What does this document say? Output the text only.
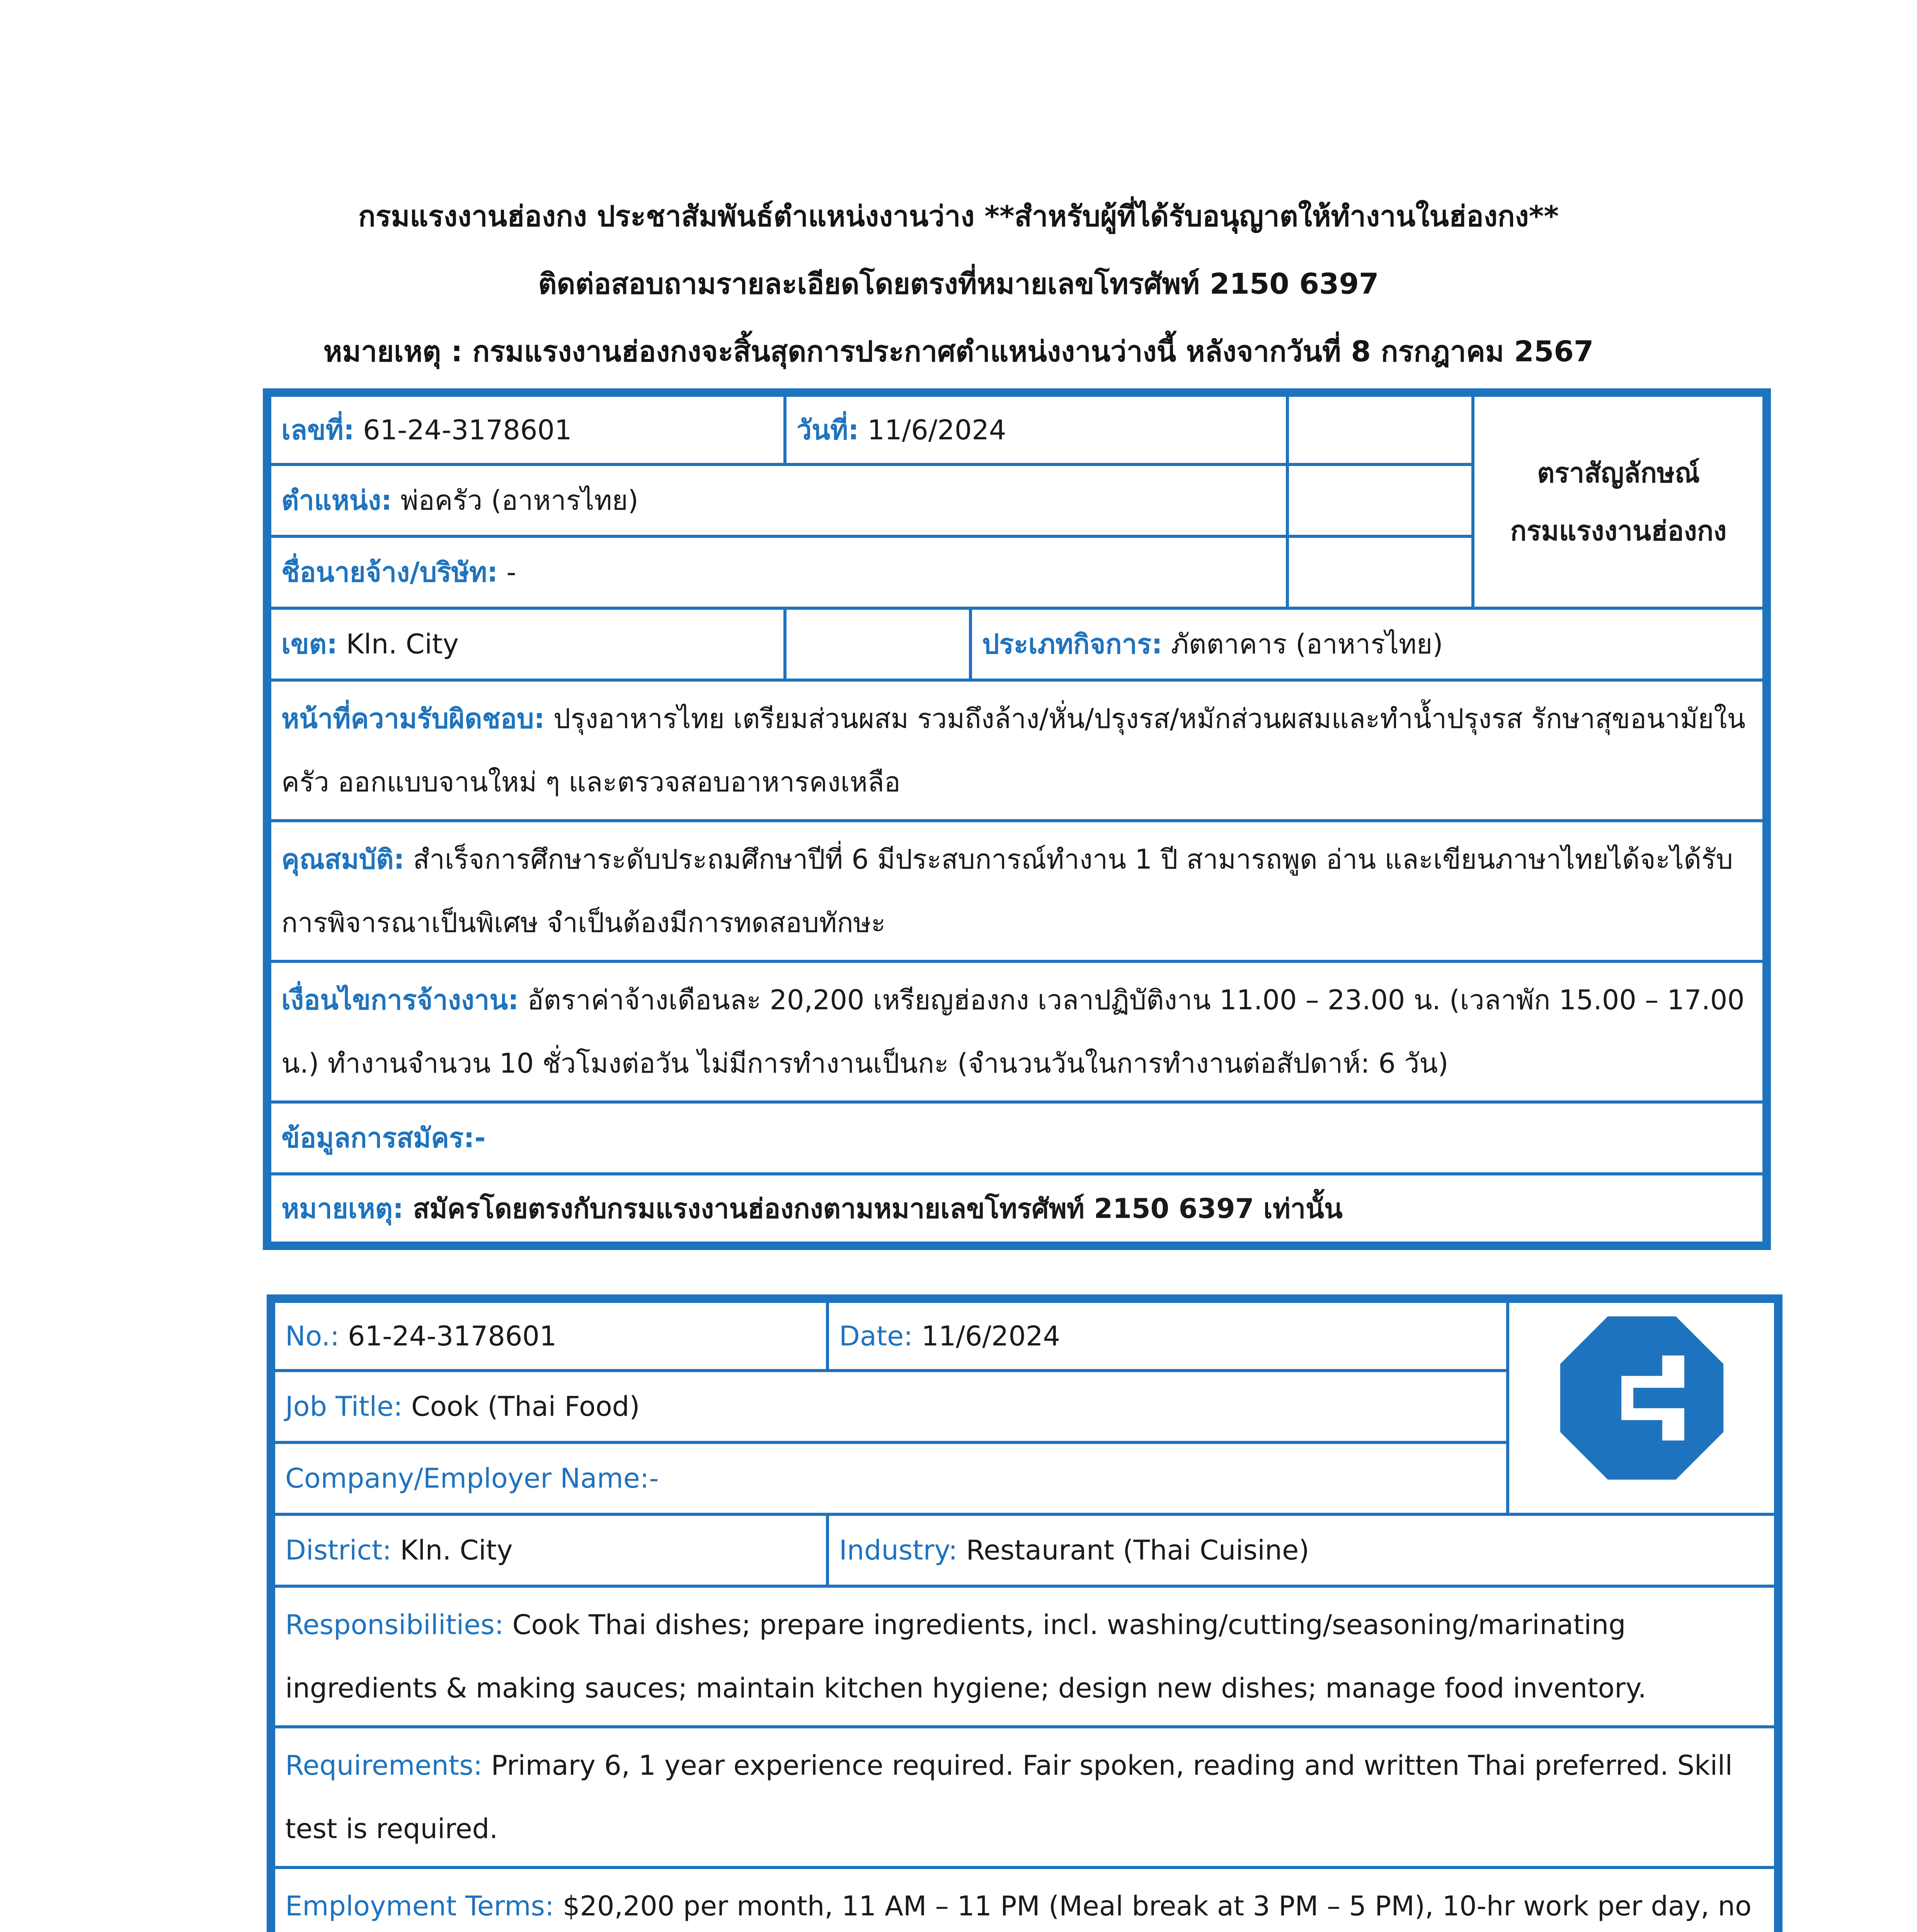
กรมแรงงานฮ่องกง ประชาสัมพันธ์ตำแหน่งงานว่าง **สำหรับผู้ที่ได้รับอนุญาตให้ทำงานในฮ่องกง**
ติดต่อสอบถามรายละเอียดโดยตรงที่หมายเลขโทรศัพท์ 2150 6397
หมายเหตุ : กรมแรงงานฮ่องกงจะสิ้นสุดการประกาศตำแหน่งงานว่างนี้ หลังจากวันที่ 8 กรกฎาคม 2567
เลขที่: 61-24-3178601	วันที่: 11/6/2024			ตราสัญลักษณ์
กรมแรงงานฮ่องกง

ตำแหน่ง: พ่อครัว (อาหารไทย)				
ชื่อนายจ้าง/บริษัท: -				
เขต: Kln. City		ประเภทกิจการ: ภัตตาคาร (อาหารไทย)		
หน้าที่ความรับผิดชอบ: ปรุงอาหารไทย เตรียมส่วนผสม รวมถึงล้าง/หั่น/ปรุงรส/หมักส่วนผสมและทำน้ำปรุงรส รักษาสุขอนามัยในครัว ออกแบบจานใหม่ ๆ และตรวจสอบอาหารคงเหลือ				
คุณสมบัติ: สำเร็จการศึกษาระดับประถมศึกษาปีที่ 6 มีประสบการณ์ทำงาน 1 ปี สามารถพูด อ่าน และเขียนภาษาไทยได้จะได้รับการพิจารณาเป็นพิเศษ จำเป็นต้องมีการทดสอบทักษะ				
เงื่อนไขการจ้างงาน: อัตราค่าจ้างเดือนละ 20,200 เหรียญฮ่องกง เวลาปฏิบัติงาน 11.00 – 23.00 น. (เวลาพัก 15.00 – 17.00 น.) ทำงานจำนวน 10 ชั่วโมงต่อวัน ไม่มีการทำงานเป็นกะ (จำนวนวันในการทำงานต่อสัปดาห์: 6 วัน)				
ข้อมูลการสมัคร:-				
หมายเหตุ: สมัครโดยตรงกับกรมแรงงานฮ่องกงตามหมายเลขโทรศัพท์ 2150 6397 เท่านั้น				
No.: 61-24-3178601	Date: 11/6/2024	
Job Title: Cook (Thai Food)		
Company/Employer Name:-		
District: Kln. City	Industry: Restaurant (Thai Cuisine)	
Responsibilities: Cook Thai dishes; prepare ingredients, incl. washing/cutting/seasoning/marinating ingredients & making sauces; maintain kitchen hygiene; design new dishes; manage food inventory.		
Requirements: Primary 6, 1 year experience required. Fair spoken, reading and written Thai preferred. Skill test is required.		
Employment Terms: $20,200 per month, 11 AM – 11 PM (Meal break at 3 PM – 5 PM), 10-hr work per day, no		
